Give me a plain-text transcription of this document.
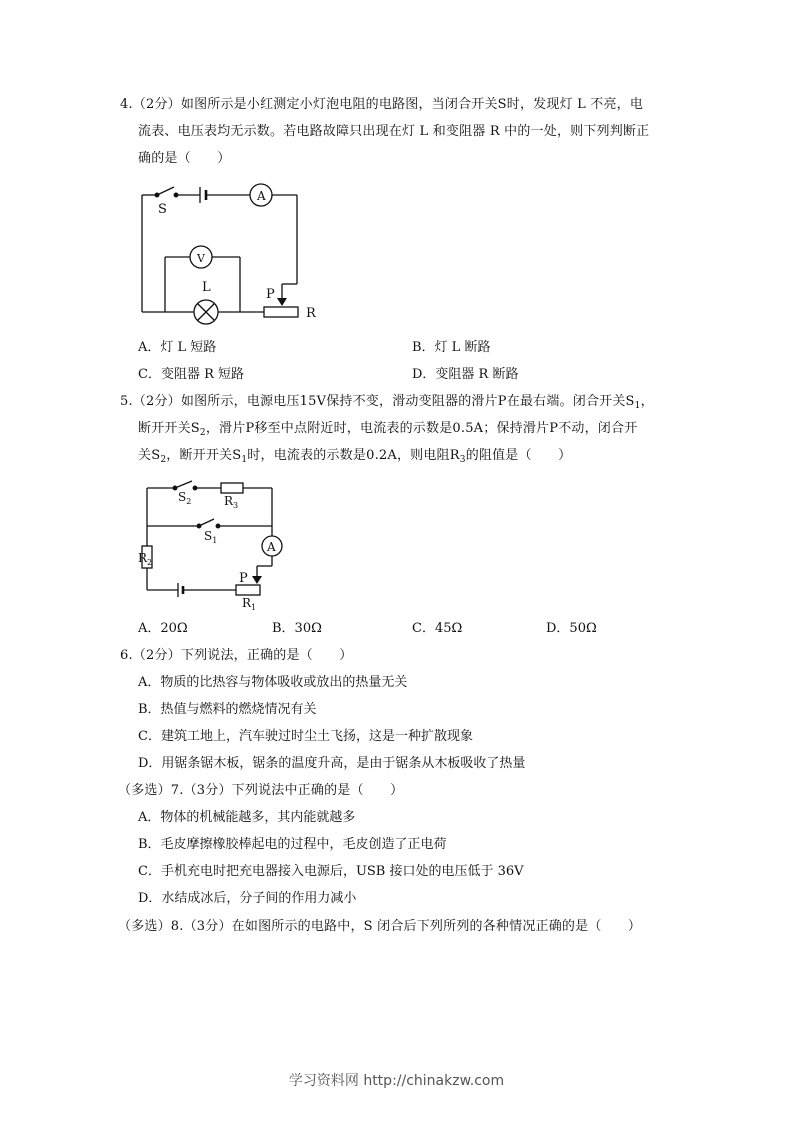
4.（2分）如图所示是小红测定小灯泡电阻的电路图，当闭合开关S时，发现灯 L 不亮，电
流表、电压表均无示数。若电路故障只出现在灯 L 和变阻器 R 中的一处，则下列判断正
确的是（　　）
S
A
V
L	P
R
A．灯 L 短路	B．灯 L 断路
C．变阻器 R 短路	D．变阻器 R 断路
5.（2分）如图所示，电源电压15V保持不变，滑动变阻器的滑片P在最右端。闭合开关$S_1$，
断开开关$S_2$，滑片P移至中点附近时，电流表的示数是0.5A；保持滑片P不动，闭合开
关$S_2$，断开开关$S_1$时，电流表的示数是0.2A，则电阻$R_3$的阻值是（　　）
$S_2$	$R_3$
$S_1$
$R_2$
A
P
$R_1$
A．20Ω	B．30Ω	C．45Ω	D．50Ω
6.（2分）下列说法，正确的是（　　）
A．物质的比热容与物体吸收或放出的热量无关
B．热值与燃料的燃烧情况有关
C．建筑工地上，汽车驶过时尘土飞扬，这是一种扩散现象
D．用锯条锯木板，锯条的温度升高，是由于锯条从木板吸收了热量
（多选）7.（3分）下列说法中正确的是（　　）
A．物体的机械能越多，其内能就越多
B．毛皮摩擦橡胶棒起电的过程中，毛皮创造了正电荷
C．手机充电时把充电器接入电源后，USB 接口处的电压低于 36V
D．水结成冰后，分子间的作用力减小
（多选）8.（3分）在如图所示的电路中，S 闭合后下列所列的各种情况正确的是（　　）
学习资料网 http://chinakzw.com
